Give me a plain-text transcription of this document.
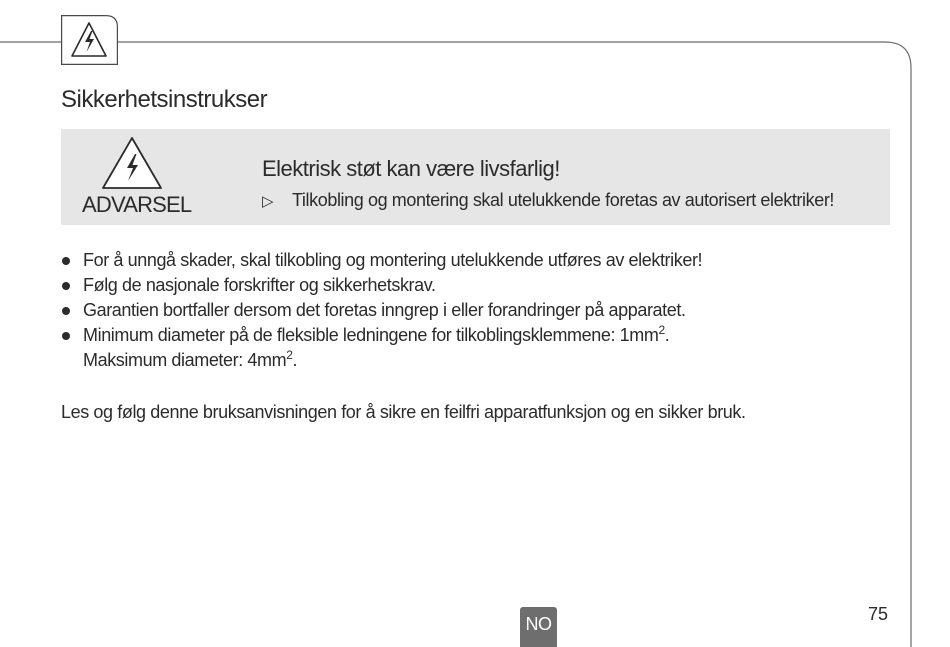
Sikkerhetsinstrukser
ADVARSEL
Elektrisk støt kan være livsfarlig!
▷ Tilkobling og montering skal utelukkende foretas av autorisert elektriker!
For å unngå skader, skal tilkobling og montering utelukkende utføres av elektriker!
Følg de nasjonale forskrifter og sikkerhetskrav.
Garantien bortfaller dersom det foretas inngrep i eller forandringer på apparatet.
Minimum diameter på de fleksible ledningene for tilkoblingsklemmene: $1mm^2$.
Maksimum diameter: $4mm^2$.
Les og følg denne bruksanvisningen for å sikre en feilfri apparatfunksjon og en sikker bruk.
NO	75
